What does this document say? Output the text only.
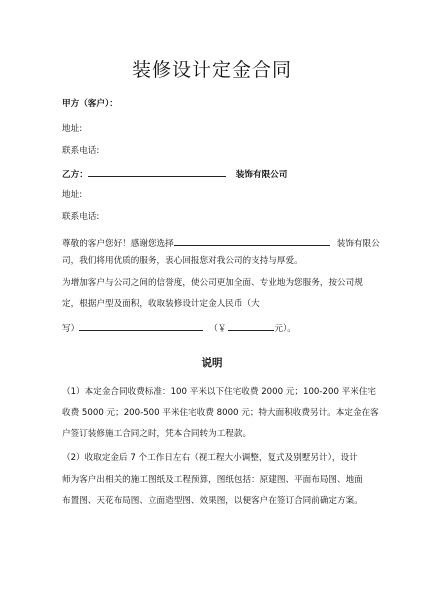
装修设计定金合同
甲方（客户）：
地址:
联系电话:
乙方：	装饰有限公司
地址:
联系电话:
尊敬的客户您好！感谢您选择	装饰有限公
司，我们将用优质的服务，衷心回报您对我公司的支持与厚爱。
为增加客户与公司之间的信誉度，使公司更加全面、专业地为您服务，按公司规
定，根据户型及面积，收取装修设计定金人民币（大
写）	（￥	元）。
说明
（1）本定金合同收费标准：100 平米以下住宅收费 2000 元；100-200 平米住宅
收费 5000 元；200-500 平米住宅收费 8000 元；特大面积收费另计。本定金在客
户签订装修施工合同之时，凭本合同转为工程款。
（2）收取定金后 7 个工作日左右（视工程大小调整，复式及别墅另计），设计
师为客户出相关的施工图纸及工程预算，图纸包括：原建图、平面布局图、地面
布置图、天花布局图、立面造型图、效果图，以便客户在签订合同前确定方案。
